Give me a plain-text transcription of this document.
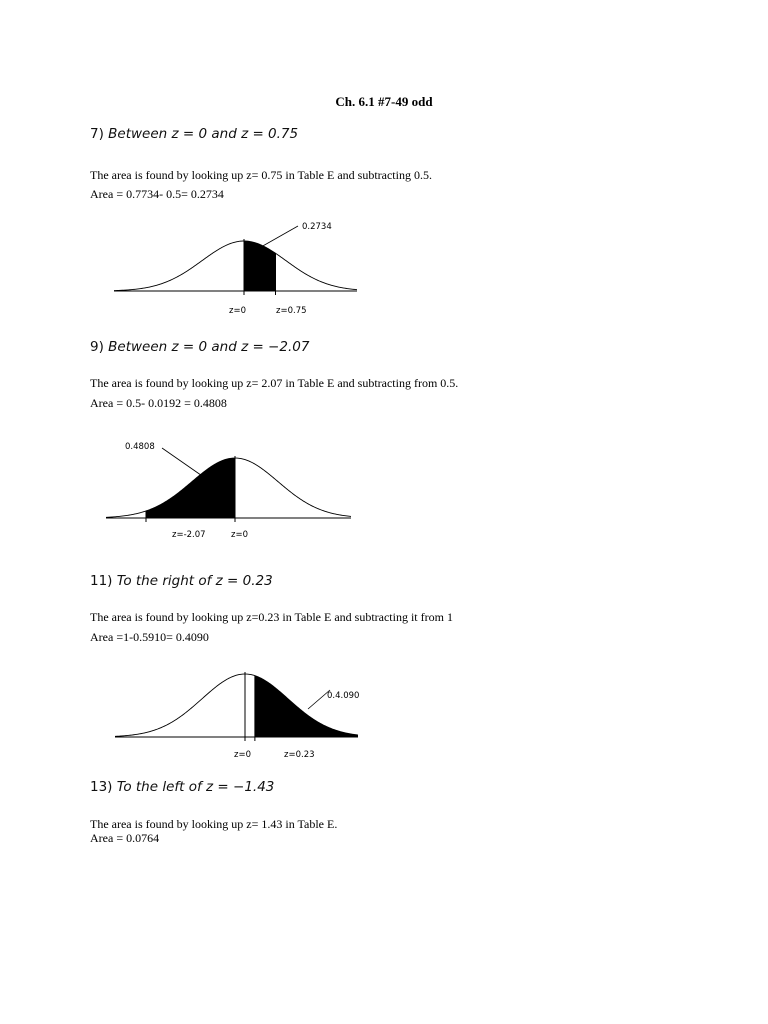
Ch. 6.1 #7-49 odd
7) Between z = 0 and z = 0.75
The area is found by looking up z= 0.75 in Table E and subtracting 0.5.
Area = 0.7734- 0.5= 0.2734
0.2734
z=0	z=0.75
9) Between z = 0 and z = −2.07
The area is found by looking up z= 2.07 in Table E and subtracting from 0.5.
Area = 0.5- 0.0192 = 0.4808
0.4808
z=-2.07	z=0
11) To the right of z = 0.23
The area is found by looking up z=0.23 in Table E and subtracting it from 1
Area =1-0.5910= 0.4090
0.4.090
z=0	z=0.23
13) To the left of z = −1.43
The area is found by looking up z= 1.43 in Table E.
Area = 0.0764
